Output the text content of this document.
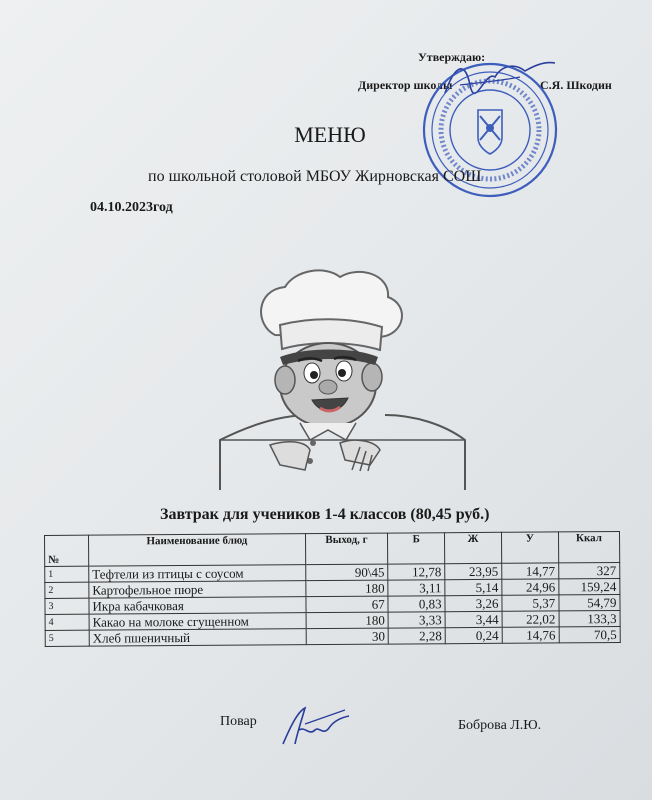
Утверждаю:
Директор школы	С.Я. Шкодин
МЕНЮ
по школьной столовой МБОУ Жирновская СОШ
04.10.2023год
Завтрак для учеников 1-4 классов (80,45 руб.)
№	Наименование блюд	Выход, г	Б	Ж	У	Ккал
1	Тефтели из птицы с соусом	90\45	12,78	23,95	14,77	327
2	Картофельное пюре	180	3,11	5,14	24,96	159,24
3	Икра кабачковая	67	0,83	3,26	5,37	54,79
4	Какао на молоке сгущенном	180	3,33	3,44	22,02	133,3
5	Хлеб пшеничный	30	2,28	0,24	14,76	70,5
Повар	Боброва Л.Ю.
